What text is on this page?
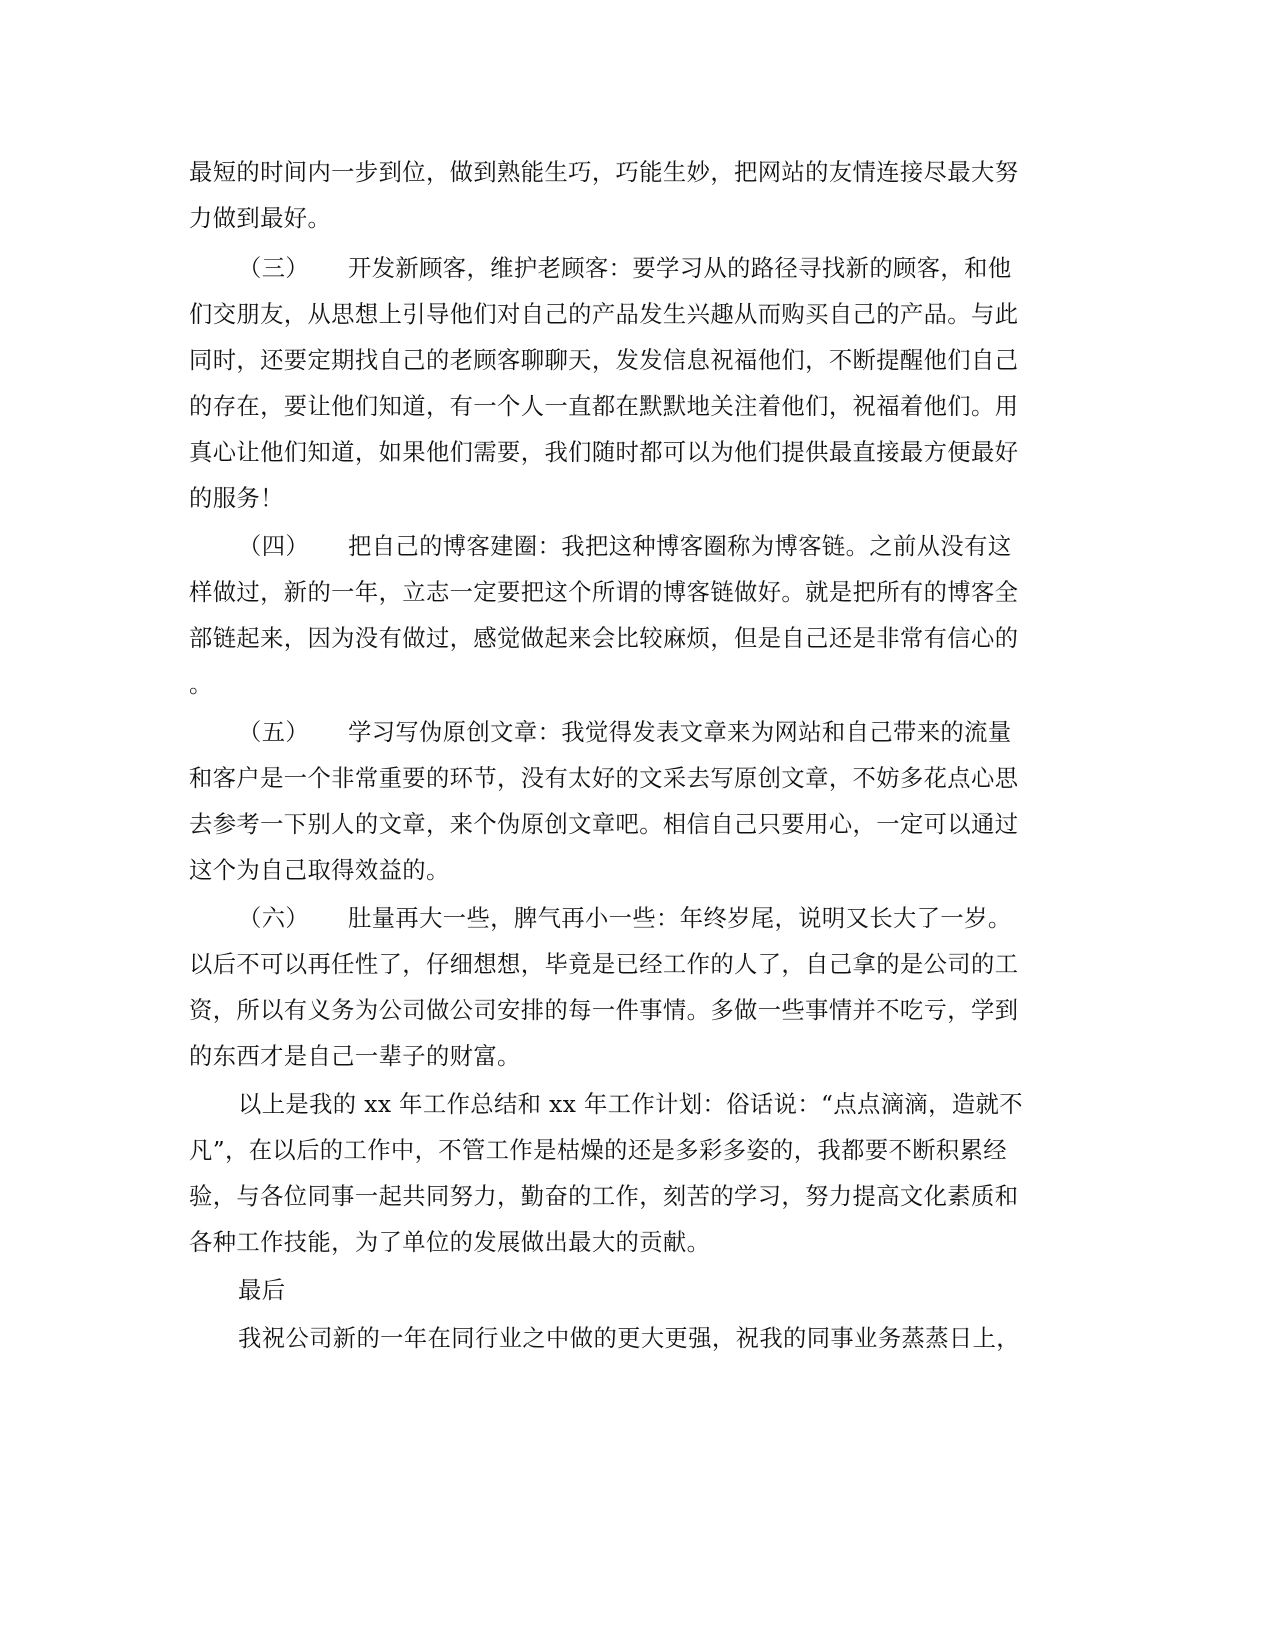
最短的时间内一步到位，做到熟能生巧，巧能生妙，把网站的友情连接尽最大努
力做到最好。
（三） 开发新顾客，维护老顾客：要学习从的路径寻找新的顾客，和他
们交朋友，从思想上引导他们对自己的产品发生兴趣从而购买自己的产品。与此
同时，还要定期找自己的老顾客聊聊天，发发信息祝福他们，不断提醒他们自己
的存在，要让他们知道，有一个人一直都在默默地关注着他们，祝福着他们。用
真心让他们知道，如果他们需要，我们随时都可以为他们提供最直接最方便最好
的服务！
（四） 把自己的博客建圈：我把这种博客圈称为博客链。之前从没有这
样做过，新的一年，立志一定要把这个所谓的博客链做好。就是把所有的博客全
部链起来，因为没有做过，感觉做起来会比较麻烦，但是自己还是非常有信心的
。
（五） 学习写伪原创文章：我觉得发表文章来为网站和自己带来的流量
和客户是一个非常重要的环节，没有太好的文采去写原创文章，不妨多花点心思
去参考一下别人的文章，来个伪原创文章吧。相信自己只要用心，一定可以通过
这个为自己取得效益的。
（六） 肚量再大一些，脾气再小一些：年终岁尾，说明又长大了一岁。
以后不可以再任性了，仔细想想，毕竟是已经工作的人了，自己拿的是公司的工
资，所以有义务为公司做公司安排的每一件事情。多做一些事情并不吃亏，学到
的东西才是自己一辈子的财富。
以上是我的 xx 年工作总结和 xx 年工作计划：俗话说：“点点滴滴，造就不
凡”，在以后的工作中，不管工作是枯燥的还是多彩多姿的，我都要不断积累经
验，与各位同事一起共同努力，勤奋的工作，刻苦的学习，努力提高文化素质和
各种工作技能，为了单位的发展做出最大的贡献。
最后
我祝公司新的一年在同行业之中做的更大更强，祝我的同事业务蒸蒸日上，
